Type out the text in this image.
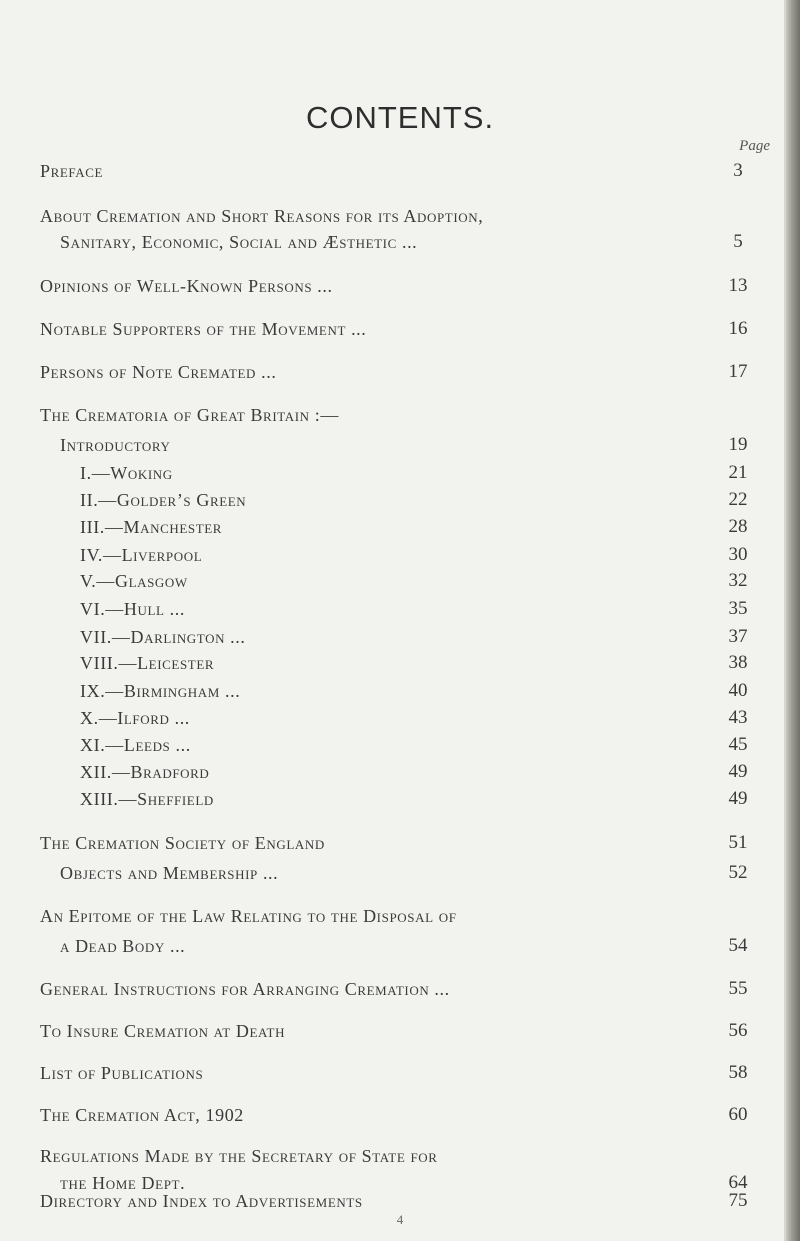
CONTENTS.
Page
Preface	3
About Cremation and Short Reasons for its Adoption,
Sanitary, Economic, Social and Æsthetic ...	5
Opinions of Well-Known Persons ...	13
Notable Supporters of the Movement ...	16
Persons of Note Cremated ...	17
The Crematoria of Great Britain :—
Introductory	19
I.—Woking	21
II.—Golder’s Green	22
III.—Manchester	28
IV.—Liverpool	30
V.—Glasgow	32
VI.—Hull ...	35
VII.—Darlington ...	37
VIII.—Leicester	38
IX.—Birmingham ...	40
X.—Ilford ...	43
XI.—Leeds ...	45
XII.—Bradford	49
XIII.—Sheffield	49
The Cremation Society of England	51
Objects and Membership ...	52
An Epitome of the Law Relating to the Disposal of
a Dead Body ...	54
General Instructions for Arranging Cremation ...	55
To Insure Cremation at Death	56
List of Publications	58
The Cremation Act, 1902	60
Regulations Made by the Secretary of State for
the Home Dept.	64
Directory and Index to Advertisements	75
4
